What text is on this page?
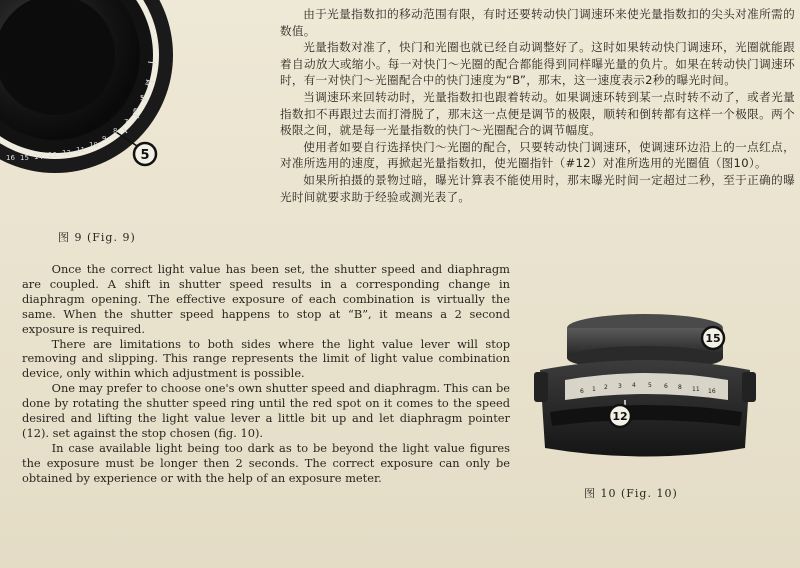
5
16 15 14 13 12 11
10
9
8
7
6
5
4
图 9 (Fig. 9)

由于光量指数扣的移动范围有限，有时还要转动快门调速环来使光量指数扣的尖头对准所需的数值。

光量指数对准了，快门和光圈也就已经自动调整好了。这时如果转动快门调速环，光圈就能跟着自动放大或缩小。每一对快门～光圈的配合都能得到同样曝光量的负片。如果在转动快门调速环时，有一对快门～光圈配合中的快门速度为“B”，那末，这一速度表示2秒的曝光时间。

当调速环来回转动时，光量指数扣也跟着转动。如果调速环转到某一点时转不动了，或者光量指数扣不再跟过去而打滑脱了，那末这一点便是调节的极限，顺转和倒转都有这样一个极限。两个极限之间，就是每一光量指数的快门～光圈配合的调节幅度。

使用者如要自行选择快门～光圈的配合，只要转动快门调速环，使调速环边沿上的一点红点，对准所选用的速度，再掀起光量指数扣，使光圈指针（#12）对准所选用的光圈值（图10）。

如果所拍摄的景物过暗，曝光计算表不能使用时，那末曝光时间一定超过二秒，至于正确的曝光时间就要求助于经验或测光表了。

Once the correct light value has been set, the shutter speed and diaphragm are coupled. A shift in shutter speed results in a corresponding change in diaphragm opening. The effective exposure of each combination is virtually the same. When the shutter speed happens to stop at “B”, it means a 2 second exposure is required.

There are limitations to both sides where the light value lever will stop removing and slipping. This range represents the limit of light value combination device, only within which adjustment is possible.

One may prefer to choose one's own shutter speed and diaphragm. This can be done by rotating the shutter speed ring until the red spot on it comes to the speed desired and lifting the light value lever a little bit up and let diaphragm pointer (12). set against the stop chosen (fig. 10).

In case available light being too dark as to be beyond the light value figures the exposure must be longer then 2 seconds. The correct exposure can only be obtained by experience or with the help of an exposure meter.

6 1 2 3 4 5 6 8 11 16
15
12
图 10 (Fig. 10)
